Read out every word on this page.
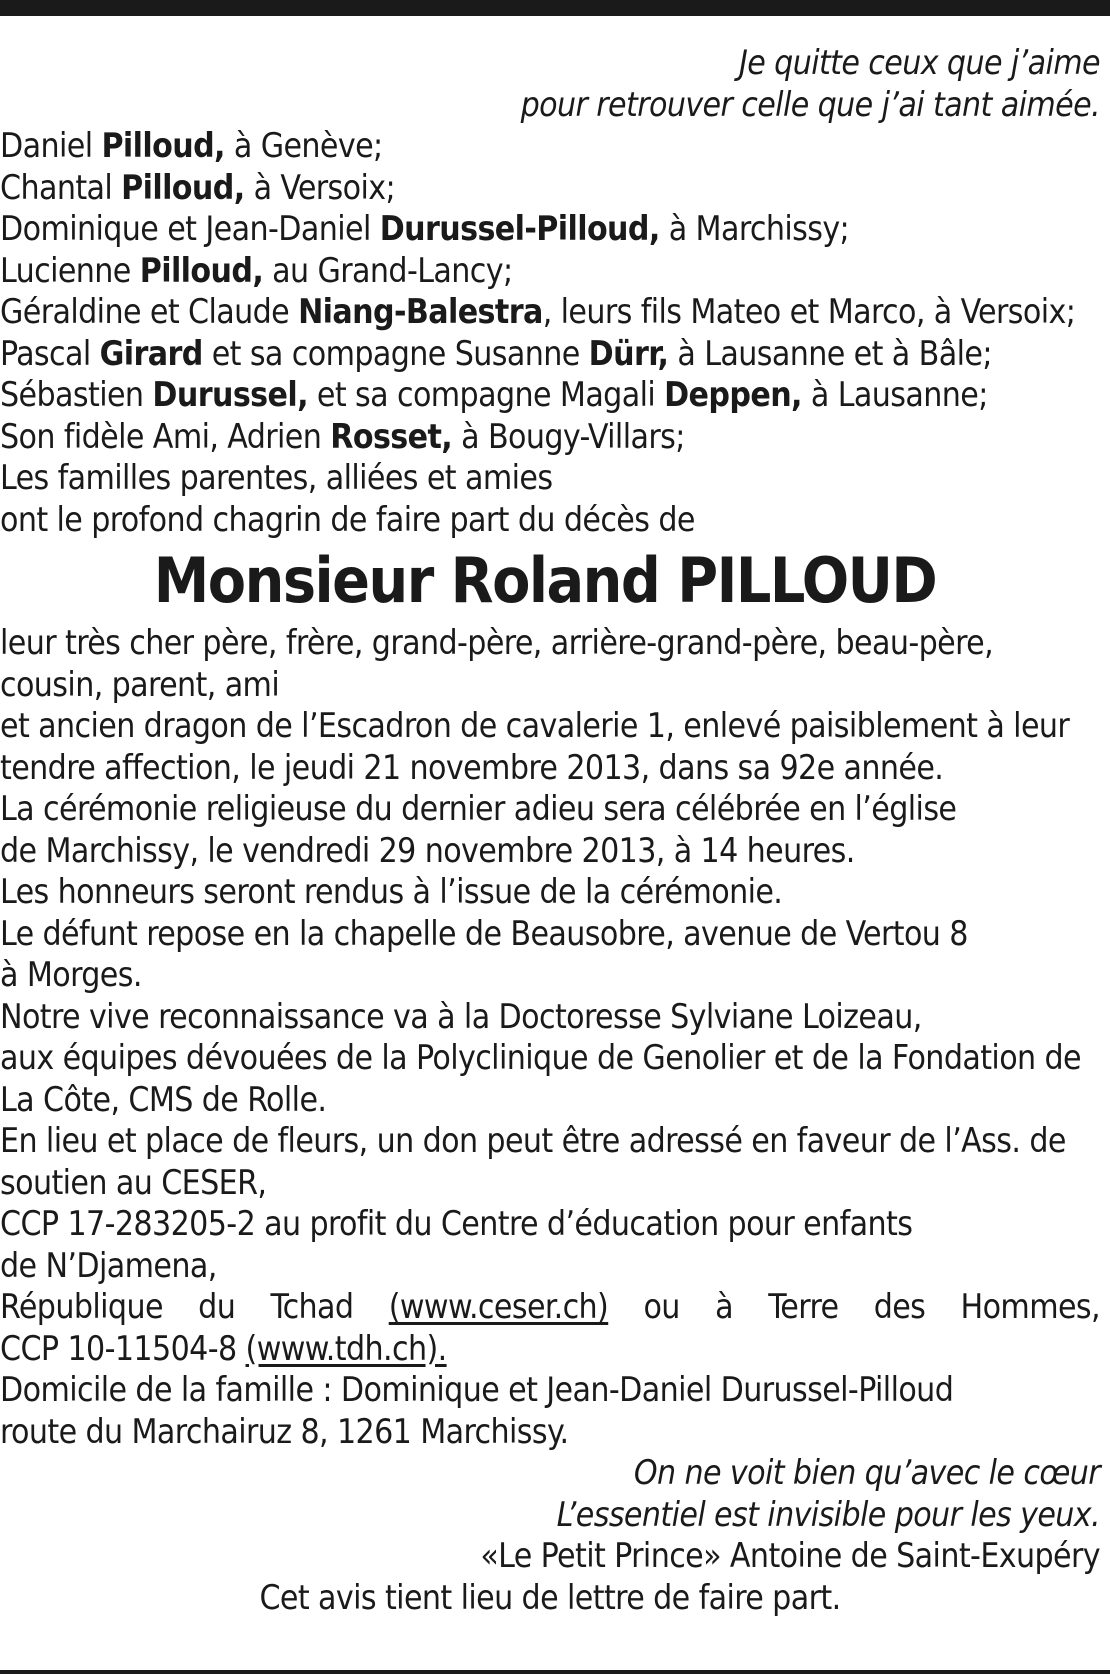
Je quitte ceux que j’aime
pour retrouver celle que j’ai tant aimée.
Daniel Pilloud, à Genève;
Chantal Pilloud, à Versoix;
Dominique et Jean-Daniel Durussel-Pilloud, à Marchissy;
Lucienne Pilloud, au Grand-Lancy;
Géraldine et Claude Niang-Balestra, leurs fils Mateo et Marco, à Versoix;
Pascal Girard et sa compagne Susanne Dürr, à Lausanne et à Bâle;
Sébastien Durussel, et sa compagne Magali Deppen, à Lausanne;
Son fidèle Ami, Adrien Rosset, à Bougy-Villars;
Les familles parentes, alliées et amies
ont le profond chagrin de faire part du décès de
Monsieur Roland PILLOUD
leur très cher père, frère, grand-père, arrière-grand-père, beau-père,
cousin, parent, ami
et ancien dragon de l’Escadron de cavalerie 1, enlevé paisiblement à leur
tendre affection, le jeudi 21 novembre 2013, dans sa 92e année.
La cérémonie religieuse du dernier adieu sera célébrée en l’église
de Marchissy, le vendredi 29 novembre 2013, à 14 heures.
Les honneurs seront rendus à l’issue de la cérémonie.
Le défunt repose en la chapelle de Beausobre, avenue de Vertou 8
à Morges.
Notre vive reconnaissance va à la Doctoresse Sylviane Loizeau,
aux équipes dévouées de la Polyclinique de Genolier et de la Fondation de
La Côte, CMS de Rolle.
En lieu et place de fleurs, un don peut être adressé en faveur de l’Ass. de
soutien au CESER,
CCP 17-283205-2 au profit du Centre d’éducation pour enfants
de N’Djamena,
République du Tchad (www.ceser.ch) ou à Terre des Hommes,
CCP 10-11504-8 (www.tdh.ch).
Domicile de la famille : Dominique et Jean-Daniel Durussel-Pilloud
route du Marchairuz 8, 1261 Marchissy.
On ne voit bien qu’avec le cœur
L’essentiel est invisible pour les yeux.
«Le Petit Prince» Antoine de Saint-Exupéry
Cet avis tient lieu de lettre de faire part.
